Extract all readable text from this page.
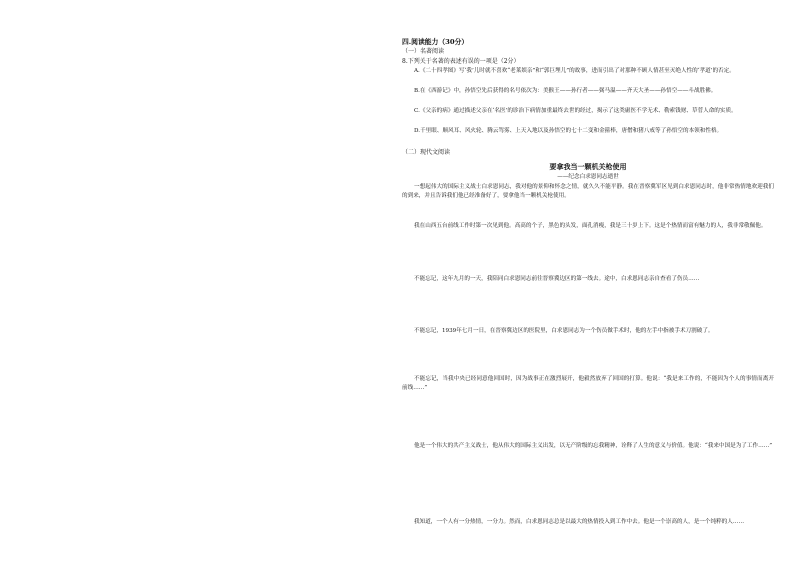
四.阅读能力（30分）
（一）名著阅读
8.下列关于名著的表述有误的一项是（2分）
A.《二十四孝图》写‘我’儿时就不喜欢“老莱娱亲”和“郭巨埋儿”的故事，进而引出了对那种不顾人情甚至灭绝人性的‘孝道’的否定。
B.在《西游记》中，孙悟空先后获得的名号依次为：美猴王——孙行者——弼马温——齐天大圣——孙悟空——斗战胜佛。
C.《父亲的病》通过描述父亲在‘名医’的诊治下病情加重最终去世的经过，揭示了这类庸医不学无术、勒索钱财、草菅人命的实质。
D.千里眼、顺风耳、风火轮、腾云驾雾、上天入地以及孙悟空的七十二变和金箍棒，唐僧和猪八戒等了孙悟空的本领和性格。
（二）现代文阅读
要拿我当一颗机关枪使用
——纪念白求恩同志逝世
一想起伟大的国际主义战士白求恩同志，我对他的景仰和怀念之情，就久久不能平静。我在晋察冀军区见到白求恩同志时，他非常热情地欢迎我们的到来，并且告诉我们他已经准备好了，要拿他当一颗机关枪使用。
我在山西五台前线工作时第一次见到他。高高的个子，黑色的头发，面孔消瘦，我是三十岁上下。这是个热情而富有魅力的人，我非常敬佩他。
不能忘记，这年九月的一天，我陪同白求恩同志前往晋察冀边区的第一线去。途中，白求恩同志亲自查看了伤员……
不能忘记，1939年七月一日，在晋察冀边区的医院里，白求恩同志为一个伤员做手术时，他的左手中指被手术刀割破了。
不能忘记，当我中央已经同意他回国时，因为战事正在激烈展开，他毅然放弃了回国的打算。他说：“我是来工作的，不能因为个人的事情而离开前线……”
他是一个伟大的共产主义战士，他从伟大的国际主义出发，以无产阶级的忘我精神，诠释了人生的意义与价值。他说：“我来中国是为了工作……”
我知道，一个人有一分热情，一分力。然而，白求恩同志总是以最大的热情投入到工作中去。他是一个崇高的人，是一个纯粹的人……
